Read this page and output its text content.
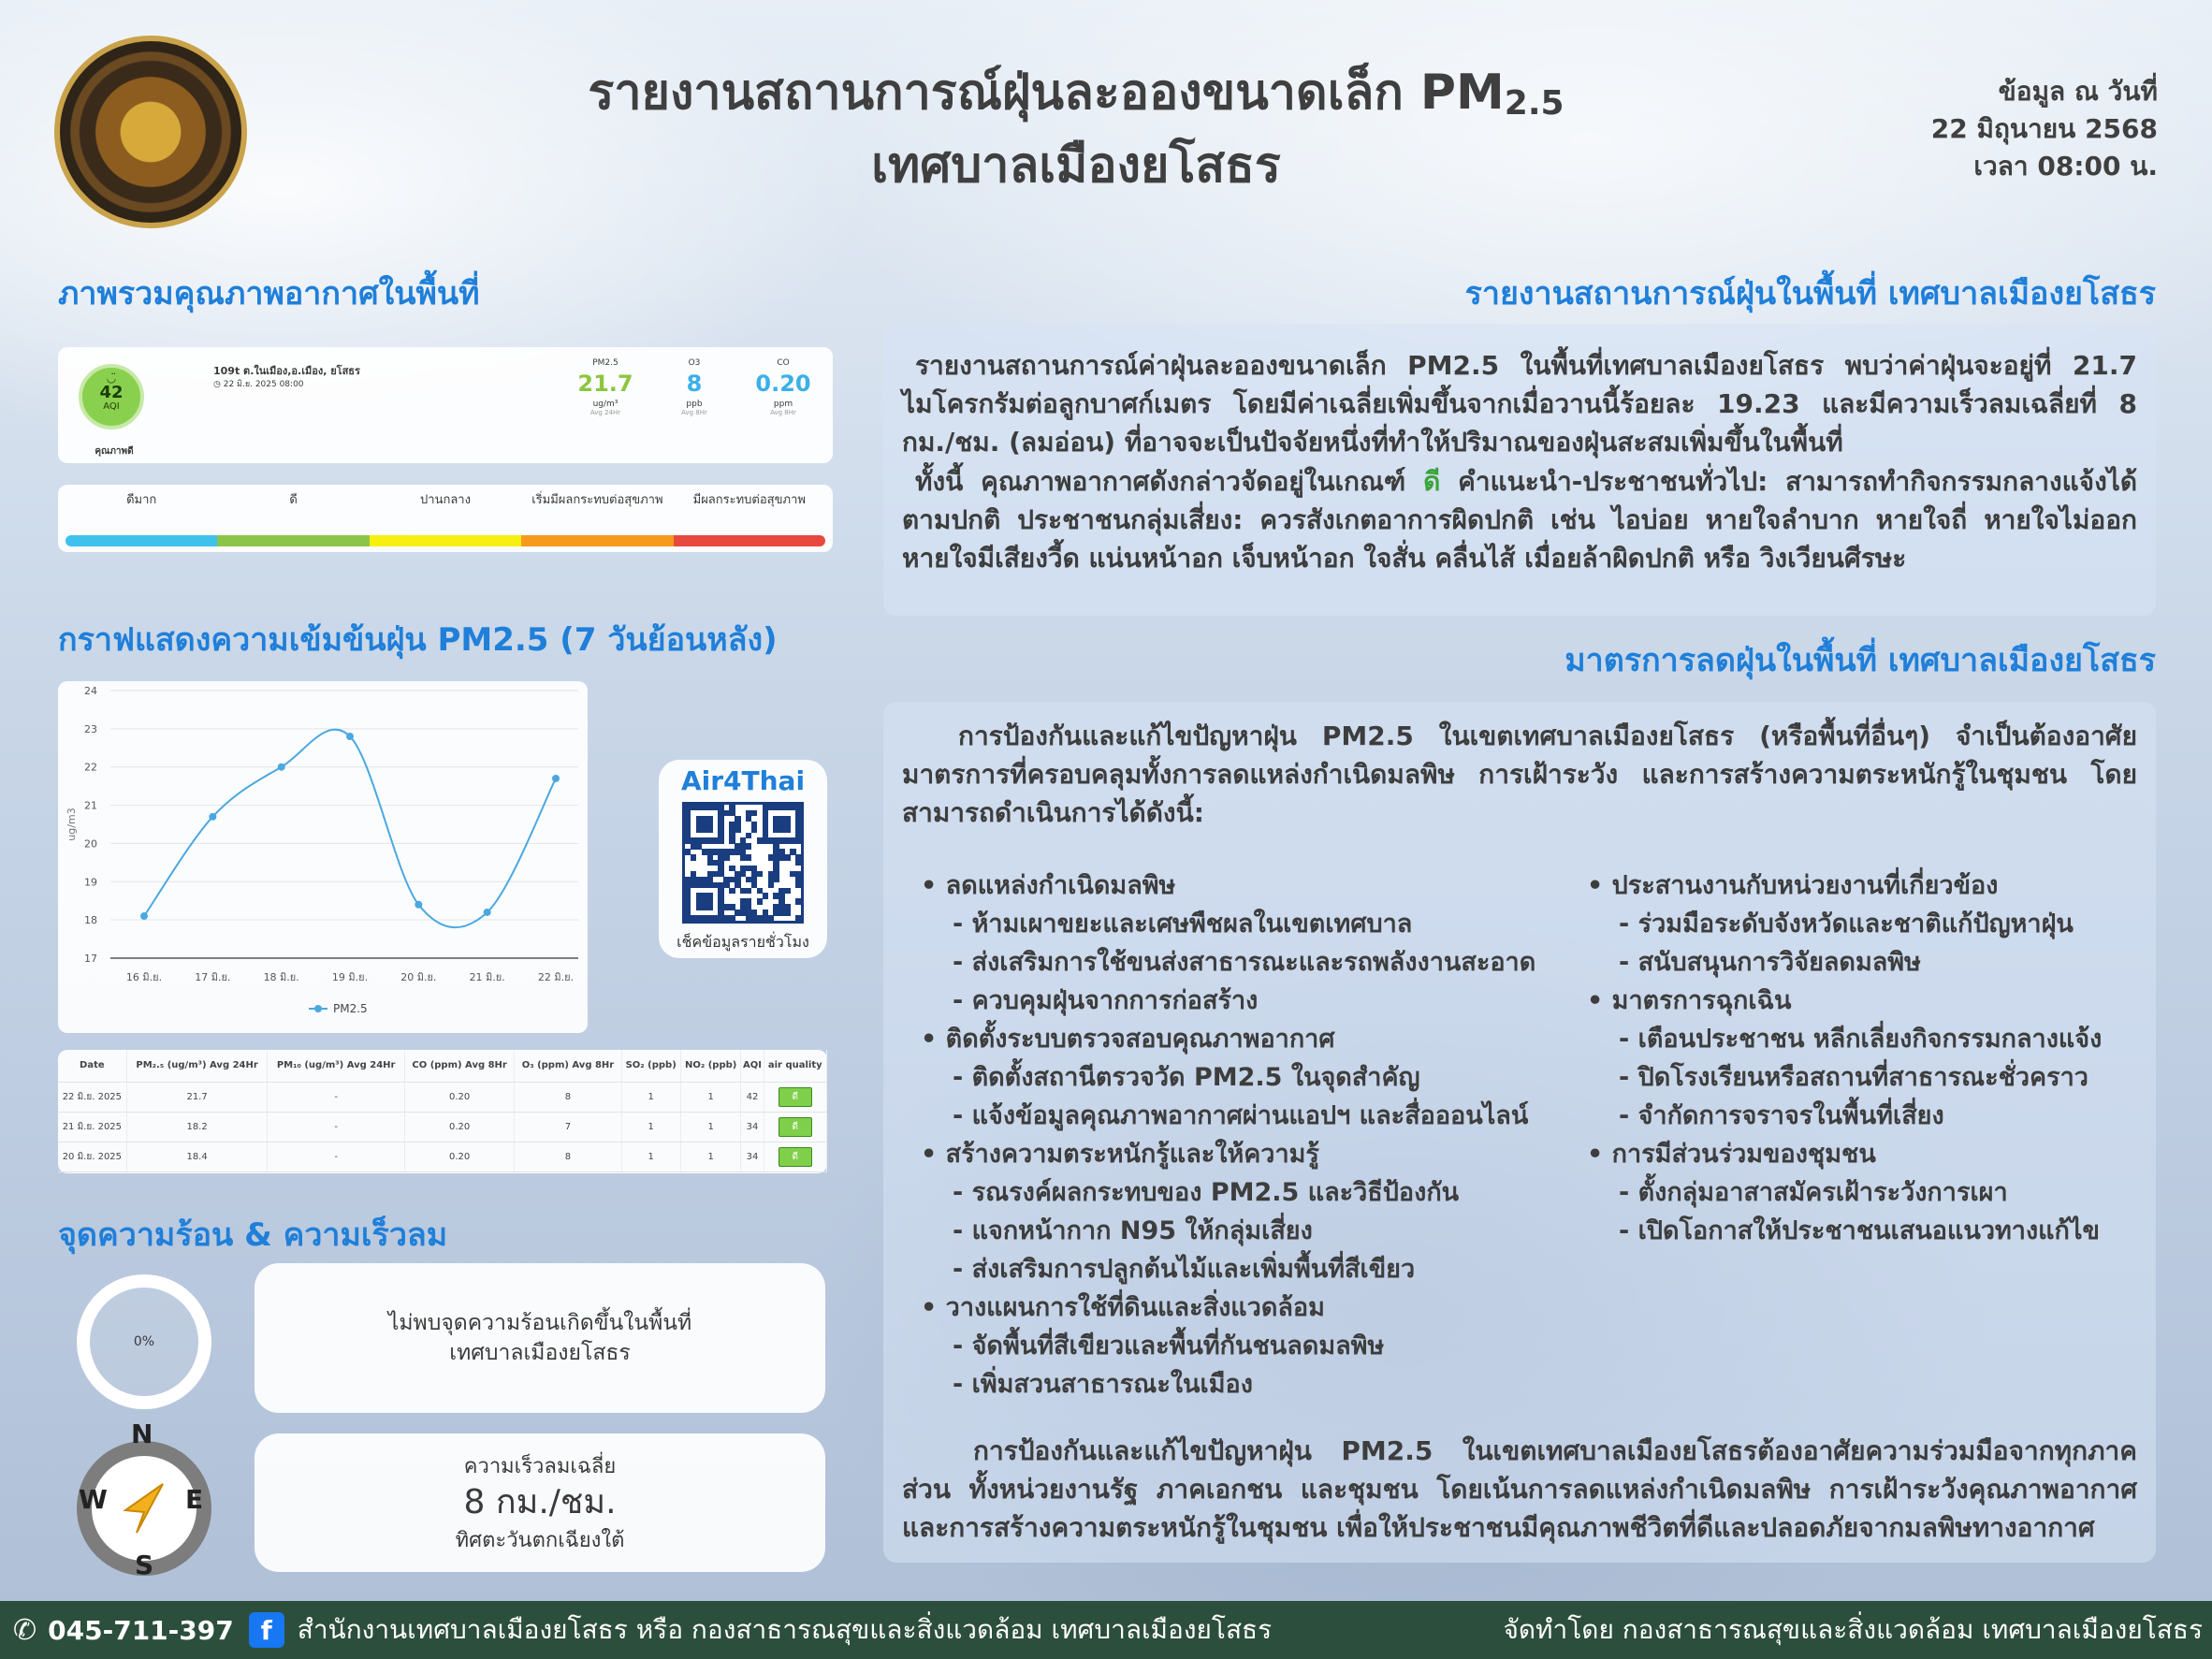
รายงานสถานการณ์ฝุ่นละอองขนาดเล็ก $PM_{2.5}$
เทศบาลเมืองยโสธร
ข้อมูล ณ วันที่
22 มิถุนายน 2568
เวลา 08:00 น.
ภาพรวมคุณภาพอากาศในพื้นที่
◡̈
42
AQI
คุณภาพดี
109t ต.ในเมือง,อ.เมือง, ยโสธร
◷ 22 มิ.ย. 2025 08:00
PM2.5
21.7
ug/m³
Avg 24Hr
O3
8
ppb
Avg 8Hr
CO
0.20
ppm
Avg 8Hr
ดีมาก	ดี	ปานกลาง	เริ่มมีผลกระทบต่อสุขภาพ	มีผลกระทบต่อสุขภาพ
กราฟแสดงความเข้มข้นฝุ่น PM2.5 (7 วันย้อนหลัง)
17
18
19
20
21
22
23
24
ug/m3
16 มิ.ย.	17 มิ.ย.	18 มิ.ย.	19 มิ.ย.	20 มิ.ย.	21 มิ.ย.	22 มิ.ย.
PM2.5
Air4Thai
เช็คข้อมูลรายชั่วโมง
Date	PM₂.₅ (ug/m³) Avg 24Hr	PM₁₀ (ug/m³) Avg 24Hr	CO (ppm) Avg 8Hr	O₃ (ppm) Avg 8Hr	SO₂ (ppb)	NO₂ (ppb)	AQI	air quality
22 มิ.ย. 2025	21.7	-	0.20	8	1	1	42	ดี
21 มิ.ย. 2025	18.2	-	0.20	7	1	1	34	ดี
20 มิ.ย. 2025	18.4	-	0.20	8	1	1	34	ดี
จุดความร้อน & ความเร็วลม
0%
ไม่พบจุดความร้อนเกิดขึ้นในพื้นที่
เทศบาลเมืองยโสธร
N
S
E
W
ความเร็วลมเฉลี่ย
8 กม./ชม.
ทิศตะวันตกเฉียงใต้
รายงานสถานการณ์ฝุ่นในพื้นที่ เทศบาลเมืองยโสธร
รายงานสถานการณ์ค่าฝุ่นละอองขนาดเล็ก PM2.5 ในพื้นที่เทศบาลเมืองยโสธร พบว่าค่าฝุ่นจะอยู่ที่ 21.7 ไมโครกรัมต่อลูกบาศก์เมตร โดยมีค่าเฉลี่ยเพิ่มขึ้นจากเมื่อวานนี้ร้อยละ 19.23 และมีความเร็วลมเฉลี่ยที่ 8 กม./ชม. (ลมอ่อน) ที่อาจจะเป็นปัจจัยหนึ่งที่ทำให้ปริมาณของฝุ่นสะสมเพิ่มขึ้นในพื้นที่
ทั้งนี้ คุณภาพอากาศดังกล่าวจัดอยู่ในเกณฑ์ ดี คำแนะนำ-ประชาชนทั่วไป: สามารถทำกิจกรรมกลางแจ้งได้ตามปกติ ประชาชนกลุ่มเสี่ยง: ควรสังเกตอาการผิดปกติ เช่น ไอบ่อย หายใจลำบาก หายใจถี่ หายใจไม่ออก หายใจมีเสียงวี้ด แน่นหน้าอก เจ็บหน้าอก ใจสั่น คลื่นไส้ เมื่อยล้าผิดปกติ หรือ วิงเวียนศีรษะ
มาตรการลดฝุ่นในพื้นที่ เทศบาลเมืองยโสธร
การป้องกันและแก้ไขปัญหาฝุ่น PM2.5 ในเขตเทศบาลเมืองยโสธร (หรือพื้นที่อื่นๆ) จำเป็นต้องอาศัยมาตรการที่ครอบคลุมทั้งการลดแหล่งกำเนิดมลพิษ การเฝ้าระวัง และการสร้างความตระหนักรู้ในชุมชน โดยสามารถดำเนินการได้ดังนี้:
• ลดแหล่งกำเนิดมลพิษ
- ห้ามเผาขยะและเศษพืชผลในเขตเทศบาล
- ส่งเสริมการใช้ขนส่งสาธารณะและรถพลังงานสะอาด
- ควบคุมฝุ่นจากการก่อสร้าง
• ติดตั้งระบบตรวจสอบคุณภาพอากาศ
- ติดตั้งสถานีตรวจวัด PM2.5 ในจุดสำคัญ
- แจ้งข้อมูลคุณภาพอากาศผ่านแอปฯ และสื่อออนไลน์
• สร้างความตระหนักรู้และให้ความรู้
- รณรงค์ผลกระทบของ PM2.5 และวิธีป้องกัน
- แจกหน้ากาก N95 ให้กลุ่มเสี่ยง
- ส่งเสริมการปลูกต้นไม้และเพิ่มพื้นที่สีเขียว
• วางแผนการใช้ที่ดินและสิ่งแวดล้อม
- จัดพื้นที่สีเขียวและพื้นที่กันชนลดมลพิษ
- เพิ่มสวนสาธารณะในเมือง
• ประสานงานกับหน่วยงานที่เกี่ยวข้อง
- ร่วมมือระดับจังหวัดและชาติแก้ปัญหาฝุ่น
- สนับสนุนการวิจัยลดมลพิษ
• มาตรการฉุกเฉิน
- เตือนประชาชน หลีกเลี่ยงกิจกรรมกลางแจ้ง
- ปิดโรงเรียนหรือสถานที่สาธารณะชั่วคราว
- จำกัดการจราจรในพื้นที่เสี่ยง
• การมีส่วนร่วมของชุมชน
- ตั้งกลุ่มอาสาสมัครเฝ้าระวังการเผา
- เปิดโอกาสให้ประชาชนเสนอแนวทางแก้ไข
การป้องกันและแก้ไขปัญหาฝุ่น PM2.5 ในเขตเทศบาลเมืองยโสธรต้องอาศัยความร่วมมือจากทุกภาคส่วน ทั้งหน่วยงานรัฐ ภาคเอกชน และชุมชน โดยเน้นการลดแหล่งกำเนิดมลพิษ การเฝ้าระวังคุณภาพอากาศ และการสร้างความตระหนักรู้ในชุมชน เพื่อให้ประชาชนมีคุณภาพชีวิตที่ดีและปลอดภัยจากมลพิษทางอากาศ
✆ 045-711-397	f สำนักงานเทศบาลเมืองยโสธร หรือ กองสาธารณสุขและสิ่งแวดล้อม เทศบาลเมืองยโสธร	จัดทำโดย กองสาธารณสุขและสิ่งแวดล้อม เทศบาลเมืองยโสธร
